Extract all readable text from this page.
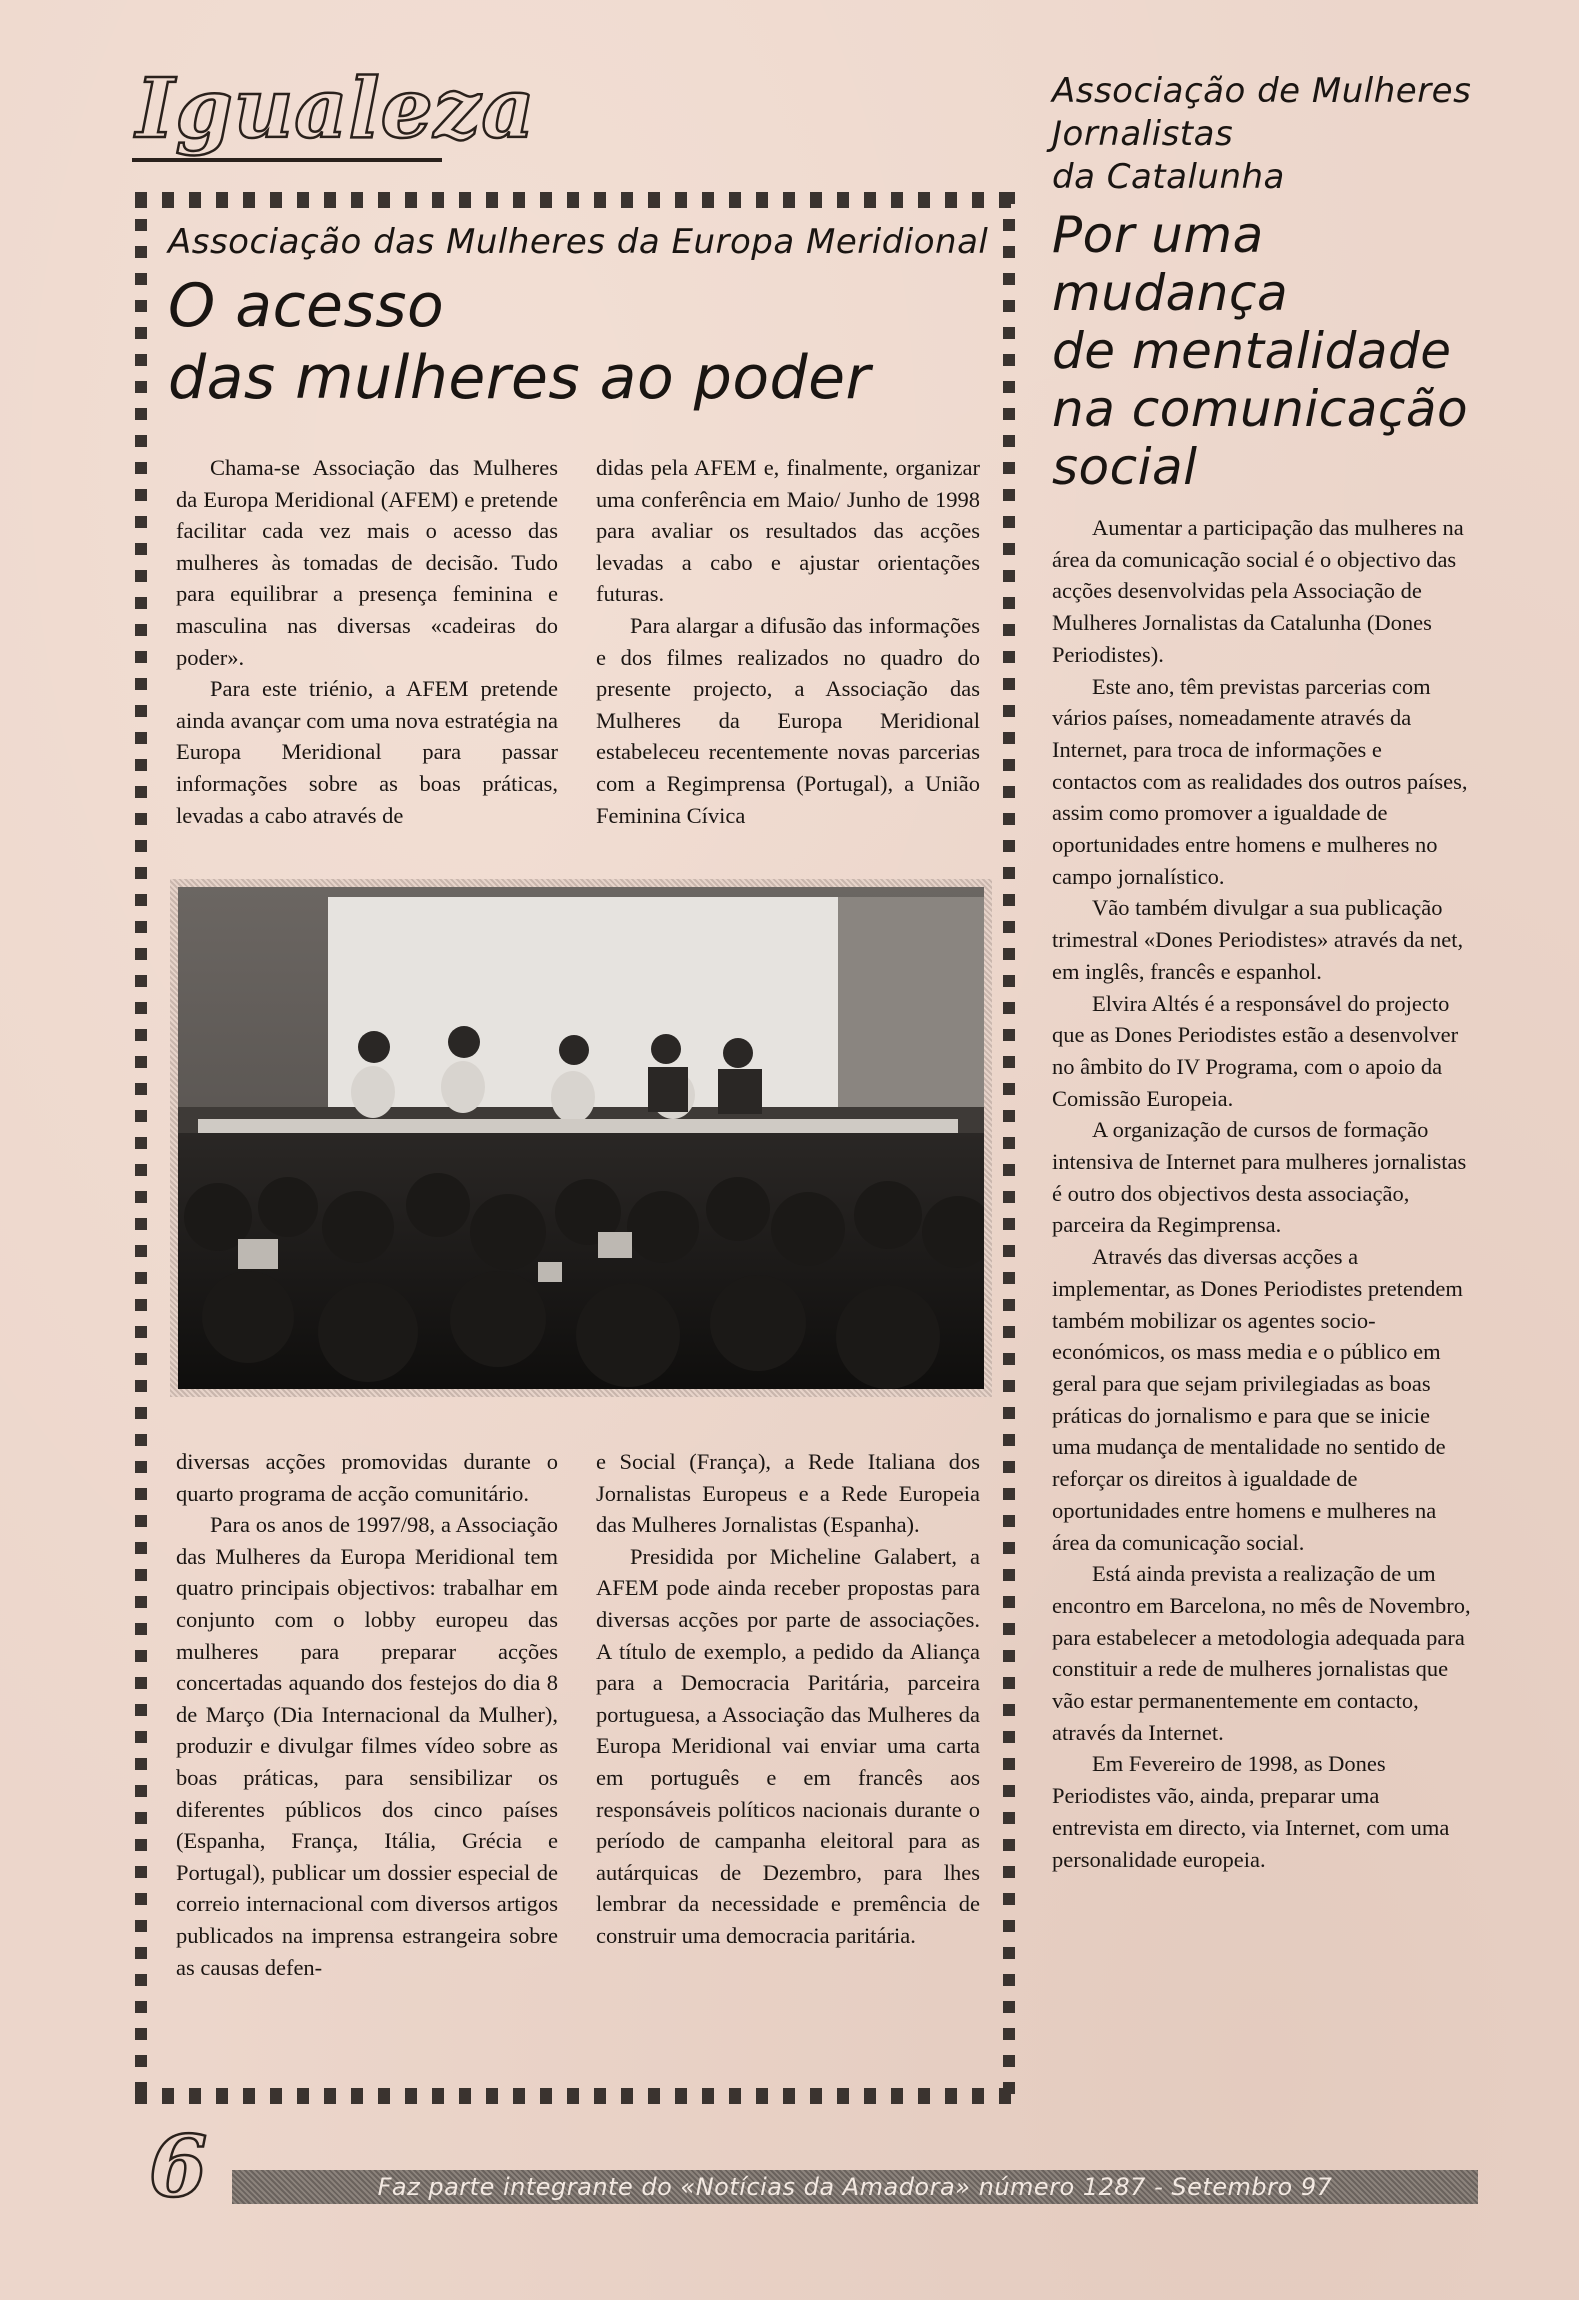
Igualeza
Associação das Mulheres da Europa Meridional
O acesso
das mulheres ao poder

Chama-se Associação das Mulheres da Europa Meridional (AFEM) e pretende facilitar cada vez mais o acesso das mulheres às tomadas de decisão. Tudo para equilibrar a presença feminina e masculina nas diversas «cadeiras do poder».

Para este triénio, a AFEM pretende ainda avançar com uma nova estratégia na Europa Meridional para passar informações sobre as boas práticas, levadas a cabo através de

didas pela AFEM e, finalmente, organizar uma conferência em Maio/ Junho de 1998 para avaliar os resultados das acções levadas a cabo e ajustar orientações futuras.

Para alargar a difusão das informações e dos filmes realizados no quadro do presente projecto, a Associação das Mulheres da Europa Meridional estabeleceu recentemente novas parcerias com a Regimprensa (Portugal), a União Feminina Cívica

diversas acções promovidas durante o quarto programa de acção comunitário.

Para os anos de 1997/98, a Associação das Mulheres da Europa Meridional tem quatro principais objectivos: trabalhar em conjunto com o lobby europeu das mulheres para preparar acções concertadas aquando dos festejos do dia 8 de Março (Dia Internacional da Mulher), produzir e divulgar filmes vídeo sobre as boas práticas, para sensibilizar os diferentes públicos dos cinco países (Espanha, França, Itália, Grécia e Portugal), publicar um dossier especial de correio internacional com diversos artigos publicados na imprensa estrangeira sobre as causas defen-

e Social (França), a Rede Italiana dos Jornalistas Europeus e a Rede Europeia das Mulheres Jornalistas (Espanha).

Presidida por Micheline Galabert, a AFEM pode ainda receber propostas para diversas acções por parte de associações. A título de exemplo, a pedido da Aliança para a Democracia Paritária, parceira portuguesa, a Associação das Mulheres da Europa Meridional vai enviar uma carta em português e em francês aos responsáveis políticos nacionais durante o período de campanha eleitoral para as autárquicas de Dezembro, para lhes lembrar da necessidade e premência de construir uma democracia paritária.

Associação de Mulheres
Jornalistas
da Catalunha
Por uma
mudança
de mentalidade
na comunicação
social

Aumentar a participação das mulheres na área da comunicação social é o objectivo das acções desenvolvidas pela Associação de Mulheres Jornalistas da Catalunha (Dones Periodistes).

Este ano, têm previstas parcerias com vários países, nomeadamente através da Internet, para troca de informações e contactos com as realidades dos outros países, assim como promover a igualdade de oportunidades entre homens e mulheres no campo jornalístico.

Vão também divulgar a sua publicação trimestral «Dones Periodistes» através da net, em inglês, francês e espanhol.

Elvira Altés é a responsável do projecto que as Dones Periodistes estão a desenvolver no âmbito do IV Programa, com o apoio da Comissão Europeia.

A organização de cursos de formação intensiva de Internet para mulheres jornalistas é outro dos objectivos desta associação, parceira da Regimprensa.

Através das diversas acções a implementar, as Dones Periodistes pretendem também mobilizar os agentes socio-económicos, os mass media e o público em geral para que sejam privilegiadas as boas práticas do jornalismo e para que se inicie uma mudança de mentalidade no sentido de reforçar os direitos à igualdade de oportunidades entre homens e mulheres na área da comunicação social.

Está ainda prevista a realização de um encontro em Barcelona, no mês de Novembro, para estabelecer a metodologia adequada para constituir a rede de mulheres jornalistas que vão estar permanentemente em contacto, através da Internet.

Em Fevereiro de 1998, as Dones Periodistes vão, ainda, preparar uma entrevista em directo, via Internet, com uma personalidade europeia.

6	Faz parte integrante do «Notícias da Amadora» número 1287 - Setembro 97
